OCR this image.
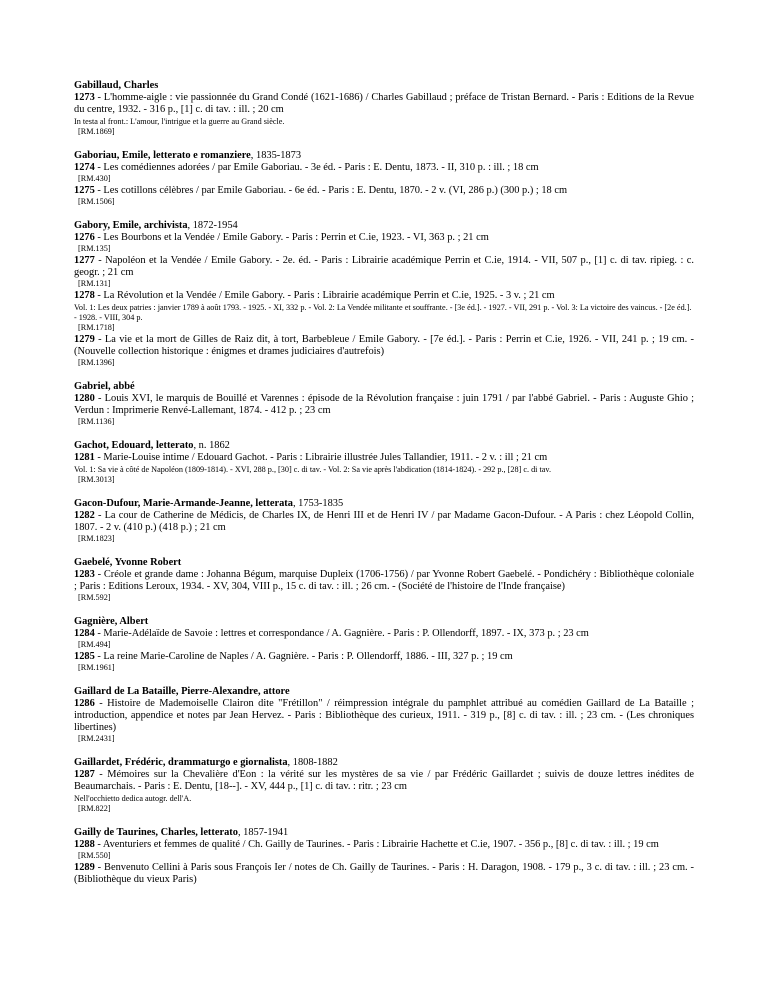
Gabillaud, Charles
1273 - L'homme-aigle : vie passionnée du Grand Condé (1621-1686) / Charles Gabillaud ; préface de Tristan Bernard. - Paris : Editions de la Revue du centre, 1932. - 316 p., [1] c. di tav. : ill. ; 20 cm
In testa al front.: L'amour, l'intrigue et la guerre au Grand siècle.
[RM.1869]
Gaboriau, Emile, letterato e romanziere, 1835-1873
1274 - Les comédiennes adorées / par Emile Gaboriau. - 3e éd. - Paris : E. Dentu, 1873. - II, 310 p. : ill. ; 18 cm
[RM.430]
1275 - Les cotillons célèbres / par Emile Gaboriau. - 6e éd. - Paris : E. Dentu, 1870. - 2 v. (VI, 286 p.) (300 p.) ; 18 cm
[RM.1506]
Gabory, Emile, archivista, 1872-1954
1276 - Les Bourbons et la Vendée / Emile Gabory. - Paris : Perrin et C.ie, 1923. - VI, 363 p. ; 21 cm
[RM.135]
1277 - Napoléon et la Vendée / Emile Gabory. - 2e. éd. - Paris : Librairie académique Perrin et C.ie, 1914. - VII, 507 p., [1] c. di tav. ripieg. : c. geogr. ; 21 cm
[RM.131]
1278 - La Révolution et la Vendée / Emile Gabory. - Paris : Librairie académique Perrin et C.ie, 1925. - 3 v. ; 21 cm
Vol. 1: Les deux patries : janvier 1789 à août 1793. - 1925. - XI, 332 p. - Vol. 2: La Vendée militante et souffrante. - [3e éd.]. - 1927. - VII, 291 p. - Vol. 3: La victoire des vaincus. - [2e éd.]. - 1928. - VIII, 304 p.
[RM.1718]
1279 - La vie et la mort de Gilles de Raiz dit, à tort, Barbebleue / Emile Gabory. - [7e éd.]. - Paris : Perrin et C.ie, 1926. - VII, 241 p. ; 19 cm. - (Nouvelle collection historique : énigmes et drames judiciaires d'autrefois)
[RM.1396]
Gabriel, abbé
1280 - Louis XVI, le marquis de Bouillé et Varennes : épisode de la Révolution française : juin 1791 / par l'abbé Gabriel. - Paris : Auguste Ghio ; Verdun : Imprimerie Renvé-Lallemant, 1874. - 412 p. ; 23 cm
[RM.1136]
Gachot, Edouard, letterato, n. 1862
1281 - Marie-Louise intime / Edouard Gachot. - Paris : Librairie illustrée Jules Tallandier, 1911. - 2 v. : ill ; 21 cm
Vol. 1: Sa vie à côté de Napoléon (1809-1814). - XVI, 288 p., [30] c. di tav. - Vol. 2: Sa vie après l'abdication (1814-1824). - 292 p., [28] c. di tav.
[RM.3013]
Gacon-Dufour, Marie-Armande-Jeanne, letterata, 1753-1835
1282 - La cour de Catherine de Médicis, de Charles IX, de Henri III et de Henri IV / par Madame Gacon-Dufour. - A Paris : chez Léopold Collin, 1807. - 2 v. (410 p.) (418 p.) ; 21 cm
[RM.1823]
Gaebelé, Yvonne Robert
1283 - Créole et grande dame : Johanna Bégum, marquise Dupleix (1706-1756) / par Yvonne Robert Gaebelé. - Pondichéry : Bibliothèque coloniale ; Paris : Editions Leroux, 1934. - XV, 304, VIII p., 15 c. di tav. : ill. ; 26 cm. - (Société de l'histoire de l'Inde française)
[RM.592]
Gagnière, Albert
1284 - Marie-Adélaïde de Savoie : lettres et correspondance / A. Gagnière. - Paris : P. Ollendorff, 1897. - IX, 373 p. ; 23 cm
[RM.494]
1285 - La reine Marie-Caroline de Naples / A. Gagnière. - Paris : P. Ollendorff, 1886. - III, 327 p. ; 19 cm
[RM.1961]
Gaillard de La Bataille, Pierre-Alexandre, attore
1286 - Histoire de Mademoiselle Clairon dite "Frétillon" / réimpression intégrale du pamphlet attribué au comédien Gaillard de La Bataille ; introduction, appendice et notes par Jean Hervez. - Paris : Bibliothèque des curieux, 1911. - 319 p., [8] c. di tav. : ill. ; 23 cm. - (Les chroniques libertines)
[RM.2431]
Gaillardet, Frédéric, drammaturgo e giornalista, 1808-1882
1287 - Mémoires sur la Chevalière d'Eon : la vérité sur les mystères de sa vie / par Frédéric Gaillardet ; suivis de douze lettres inédites de Beaumarchais. - Paris : E. Dentu, [18--]. - XV, 444 p., [1] c. di tav. : ritr. ; 23 cm
Nell'occhietto dedica autogr. dell'A.
[RM.822]
Gailly de Taurines, Charles, letterato, 1857-1941
1288 - Aventuriers et femmes de qualité / Ch. Gailly de Taurines. - Paris : Librairie Hachette et C.ie, 1907. - 356 p., [8] c. di tav. : ill. ; 19 cm
[RM.550]
1289 - Benvenuto Cellini à Paris sous François Ier / notes de Ch. Gailly de Taurines. - Paris : H. Daragon, 1908. - 179 p., 3 c. di tav. : ill. ; 23 cm. - (Bibliothèque du vieux Paris)
